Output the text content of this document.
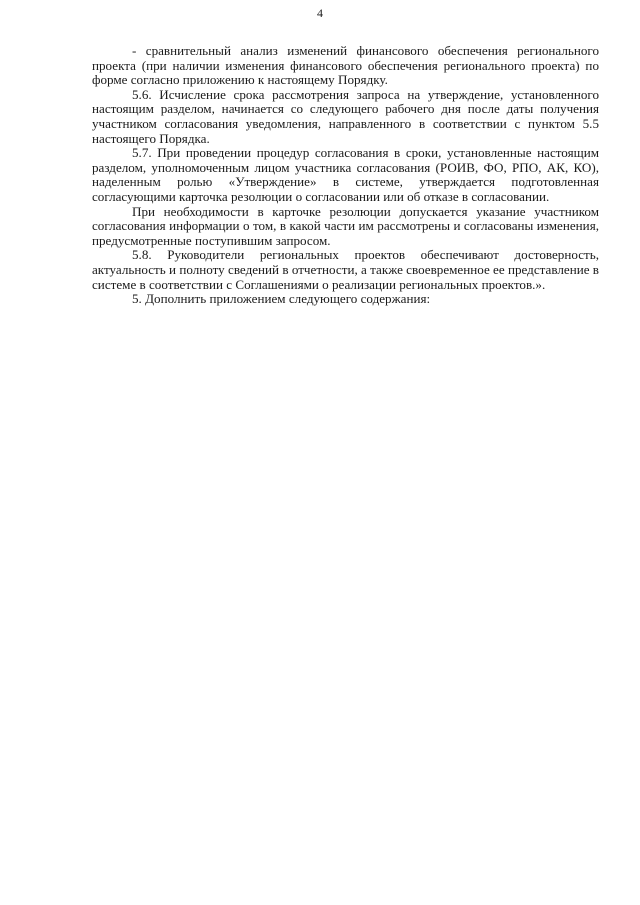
4

- сравнительный анализ изменений финансового обеспечения регионального проекта (при наличии изменения финансового обеспечения регионального проекта) по форме согласно приложению к настоящему Порядку.

5.6. Исчисление срока рассмотрения запроса на утверждение, установленного настоящим разделом, начинается со следующего рабочего дня после даты получения участником согласования уведомления, направленного в соответствии с пунктом 5.5 настоящего Порядка.

5.7. При проведении процедур согласования в сроки, установленные настоящим разделом, уполномоченным лицом участника согласования (РОИВ, ФО, РПО, АК, КО), наделенным ролью «Утверждение» в системе, утверждается подготовленная согласующими карточка резолюции о согласовании или об отказе в согласовании.

При необходимости в карточке резолюции допускается указание участником согласования информации о том, в какой части им рассмотрены и согласованы изменения, предусмотренные поступившим запросом.

5.8. Руководители региональных проектов обеспечивают достоверность, актуальность и полноту сведений в отчетности, а также своевременное ее представление в системе в соответствии с Соглашениями о реализации региональных проектов.».

5. Дополнить приложением следующего содержания:
